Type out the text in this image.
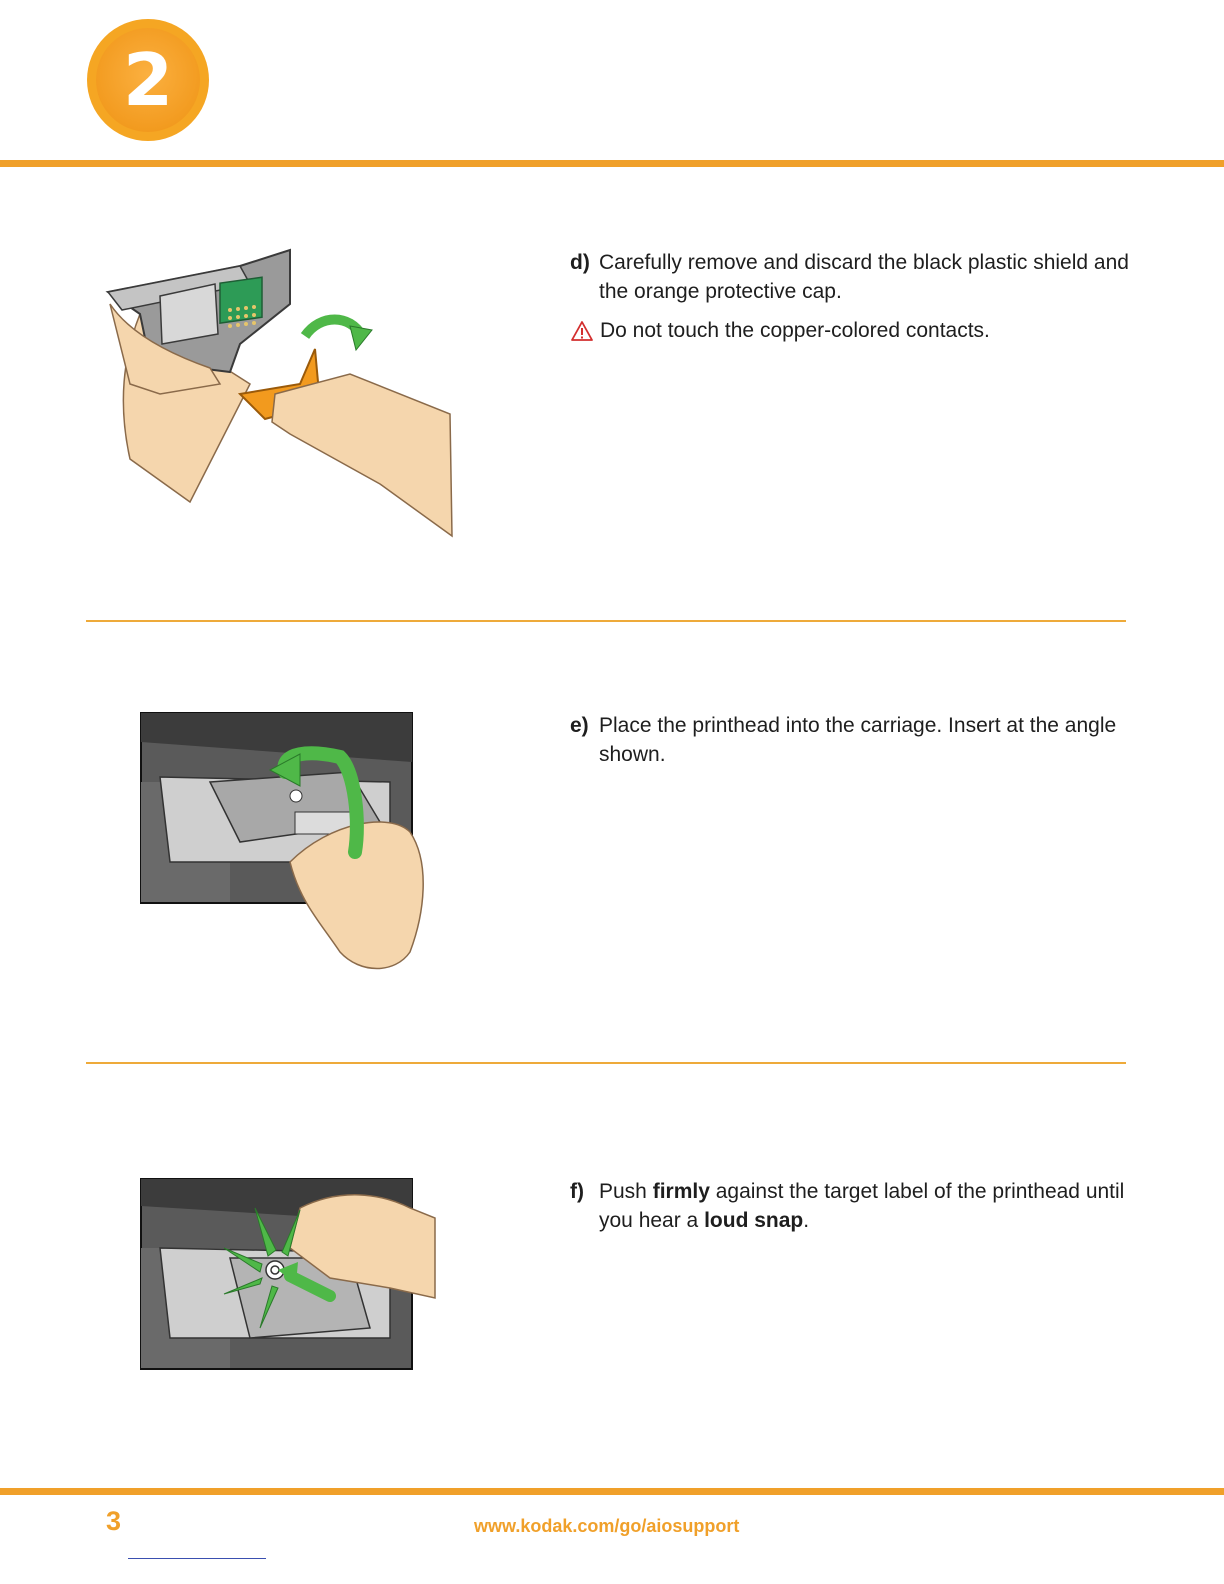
2
d) Carefully remove and discard the black plastic shield and the orange protective cap.
Do not touch the copper-colored contacts.
e) Place the printhead into the carriage. Insert at the angle shown.
f) Push firmly against the target label of the printhead until you hear a loud snap.
3	www.kodak.com/go/aiosupport
